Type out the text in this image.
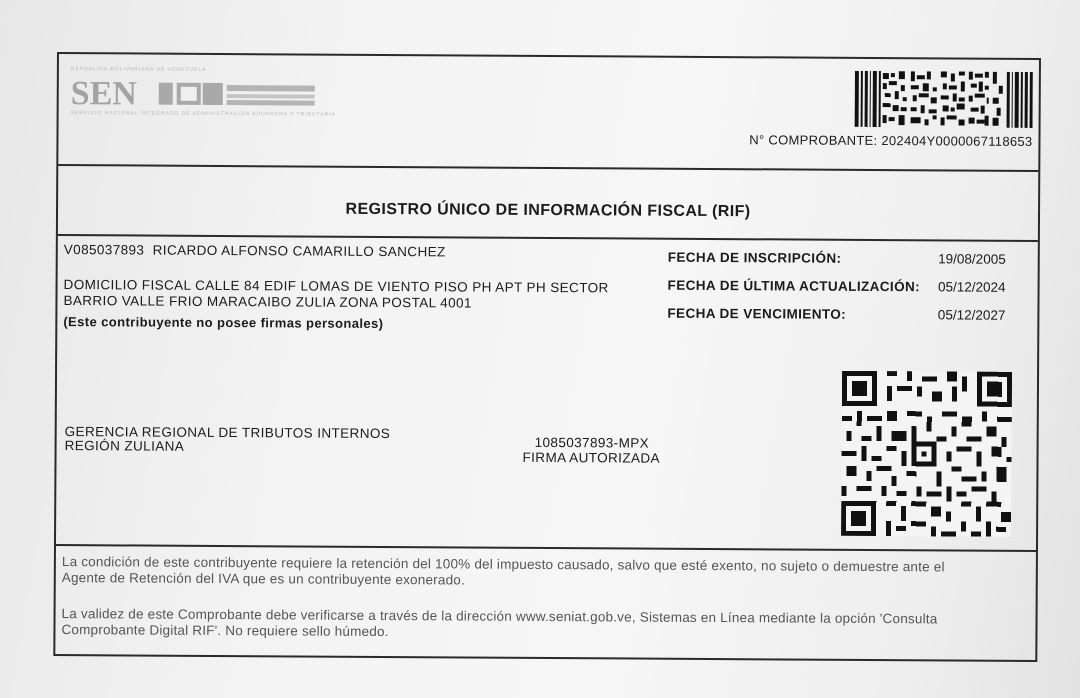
REPÚBLICA BOLIVARIANA DE VENEZUELA
SEN
SERVICIO NACIONAL INTEGRADO DE ADMINISTRACIÓN ADUANERA Y TRIBUTARIA
N° COMPROBANTE: 202404Y0000067118653
REGISTRO ÚNICO DE INFORMACIÓN FISCAL (RIF)
V085037893 RICARDO ALFONSO CAMARILLO SANCHEZ
DOMICILIO FISCAL CALLE 84 EDIF LOMAS DE VIENTO PISO PH APT PH SECTOR
BARRIO VALLE FRIO MARACAIBO ZULIA ZONA POSTAL 4001
(Este contribuyente no posee firmas personales)
FECHA DE INSCRIPCIÓN:	19/08/2005
FECHA DE ÚLTIMA ACTUALIZACIÓN: 05/12/2024
FECHA DE VENCIMIENTO:	05/12/2027
GERENCIA REGIONAL DE TRIBUTOS INTERNOS
REGIÓN ZULIANA	1085037893-MPX
FIRMA AUTORIZADA
La condición de este contribuyente requiere la retención del 100% del impuesto causado, salvo que esté exento, no sujeto o demuestre ante el
Agente de Retención del IVA que es un contribuyente exonerado.
La validez de este Comprobante debe verificarse a través de la dirección www.seniat.gob.ve, Sistemas en Línea mediante la opción 'Consulta
Comprobante Digital RIF'. No requiere sello húmedo.
